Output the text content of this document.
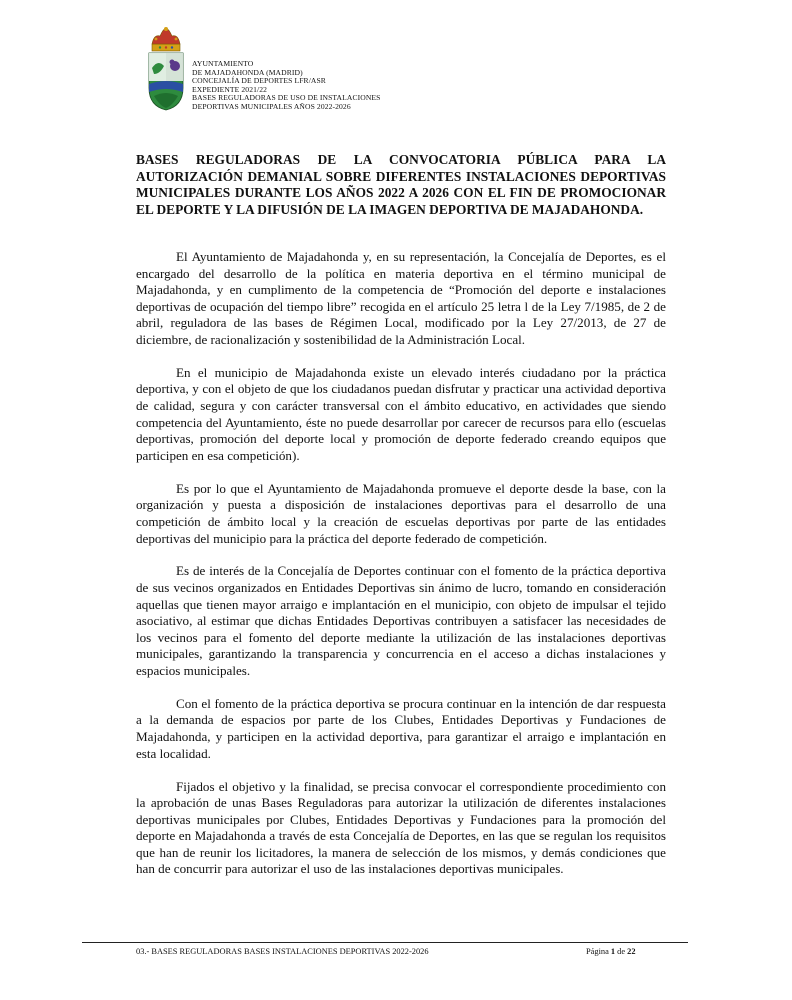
AYUNTAMIENTO
DE MAJADAHONDA (MADRID)
CONCEJALÍA DE DEPORTES LFR/ASR
EXPEDIENTE 2021/22
BASES REGULADORAS DE USO DE INSTALACIONES
DEPORTIVAS MUNICIPALES AÑOS 2022-2026
BASES REGULADORAS DE LA CONVOCATORIA PÚBLICA PARA LA AUTORIZACIÓN DEMANIAL SOBRE DIFERENTES INSTALACIONES DEPORTIVAS MUNICIPALES DURANTE LOS AÑOS 2022 A 2026 CON EL FIN DE PROMOCIONAR EL DEPORTE Y LA DIFUSIÓN DE LA IMAGEN DEPORTIVA DE MAJADAHONDA.

El Ayuntamiento de Majadahonda y, en su representación, la Concejalía de Deportes, es el encargado del desarrollo de la política en materia deportiva en el término municipal de Majadahonda, y en cumplimento de la competencia de “Promoción del deporte e instalaciones deportivas de ocupación del tiempo libre” recogida en el artículo 25 letra l de la Ley 7/1985, de 2 de abril, reguladora de las bases de Régimen Local, modificado por la Ley 27/2013, de 27 de diciembre, de racionalización y sostenibilidad de la Administración Local.

En el municipio de Majadahonda existe un elevado interés ciudadano por la práctica deportiva, y con el objeto de que los ciudadanos puedan disfrutar y practicar una actividad deportiva de calidad, segura y con carácter transversal con el ámbito educativo, en actividades que siendo competencia del Ayuntamiento, éste no puede desarrollar por carecer de recursos para ello (escuelas deportivas, promoción del deporte local y promoción de deporte federado creando equipos que participen en esa competición).

Es por lo que el Ayuntamiento de Majadahonda promueve el deporte desde la base, con la organización y puesta a disposición de instalaciones deportivas para el desarrollo de una competición de ámbito local y la creación de escuelas deportivas por parte de las entidades deportivas del municipio para la práctica del deporte federado de competición.

Es de interés de la Concejalía de Deportes continuar con el fomento de la práctica deportiva de sus vecinos organizados en Entidades Deportivas sin ánimo de lucro, tomando en consideración aquellas que tienen mayor arraigo e implantación en el municipio, con objeto de impulsar el tejido asociativo, al estimar que dichas Entidades Deportivas contribuyen a satisfacer las necesidades de los vecinos para el fomento del deporte mediante la utilización de las instalaciones deportivas municipales, garantizando la transparencia y concurrencia en el acceso a dichas instalaciones y espacios municipales.

Con el fomento de la práctica deportiva se procura continuar en la intención de dar respuesta a la demanda de espacios por parte de los Clubes, Entidades Deportivas y Fundaciones de Majadahonda, y participen en la actividad deportiva, para garantizar el arraigo e implantación en esta localidad.

Fijados el objetivo y la finalidad, se precisa convocar el correspondiente procedimiento con la aprobación de unas Bases Reguladoras para autorizar la utilización de diferentes instalaciones deportivas municipales por Clubes, Entidades Deportivas y Fundaciones para la promoción del deporte en Majadahonda a través de esta Concejalía de Deportes, en las que se regulan los requisitos que han de reunir los licitadores, la manera de selección de los mismos, y demás condiciones que han de concurrir para autorizar el uso de las instalaciones deportivas municipales.

03.- BASES REGULADORAS BASES INSTALACIONES DEPORTIVAS 2022-2026	Página 1 de 22
